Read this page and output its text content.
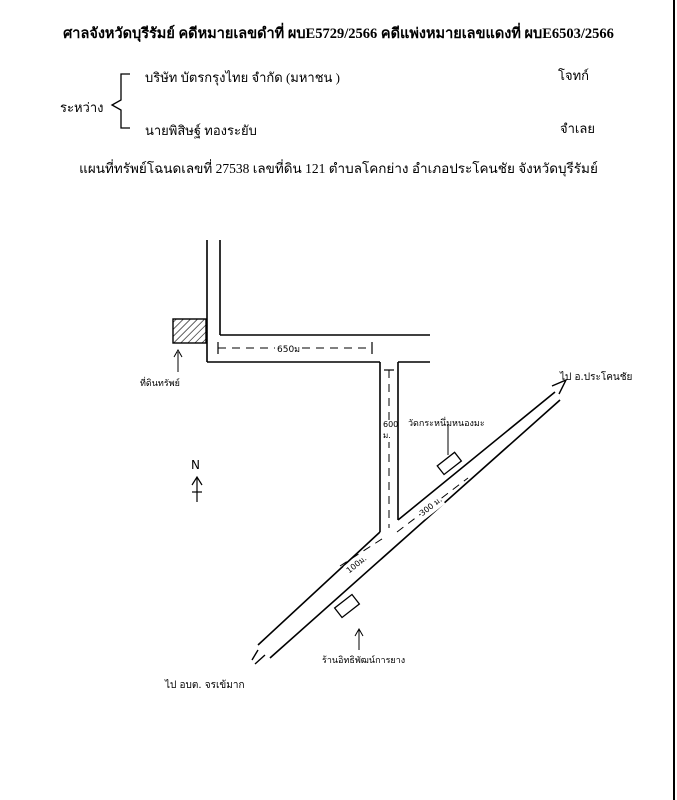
ศาลจังหวัดบุรีรัมย์ คดีหมายเลขดำที่ ผบE5729/2566 คดีแพ่งหมายเลขแดงที่ ผบE6503/2566
ระหว่าง
บริษัท บัตรกรุงไทย จำกัด (มหาชน )	โจทก์
นายพิสิษฐ์ ทองระยับ	จำเลย
ที่ดินทรัพย์
650ม
600 ม.
300 ม.
100ม.
วัดกระหนึ่มหนองมะ
ร้านอิทธิพัฒน์การยาง
ไป อ.ประโคนชัย
ไป อบต. จรเข้มาก
N
แผนที่ทรัพย์โฉนดเลขที่ 27538 เลขที่ดิน 121 ตำบลโคกย่าง อำเภอประโคนชัย จังหวัดบุรีรัมย์
